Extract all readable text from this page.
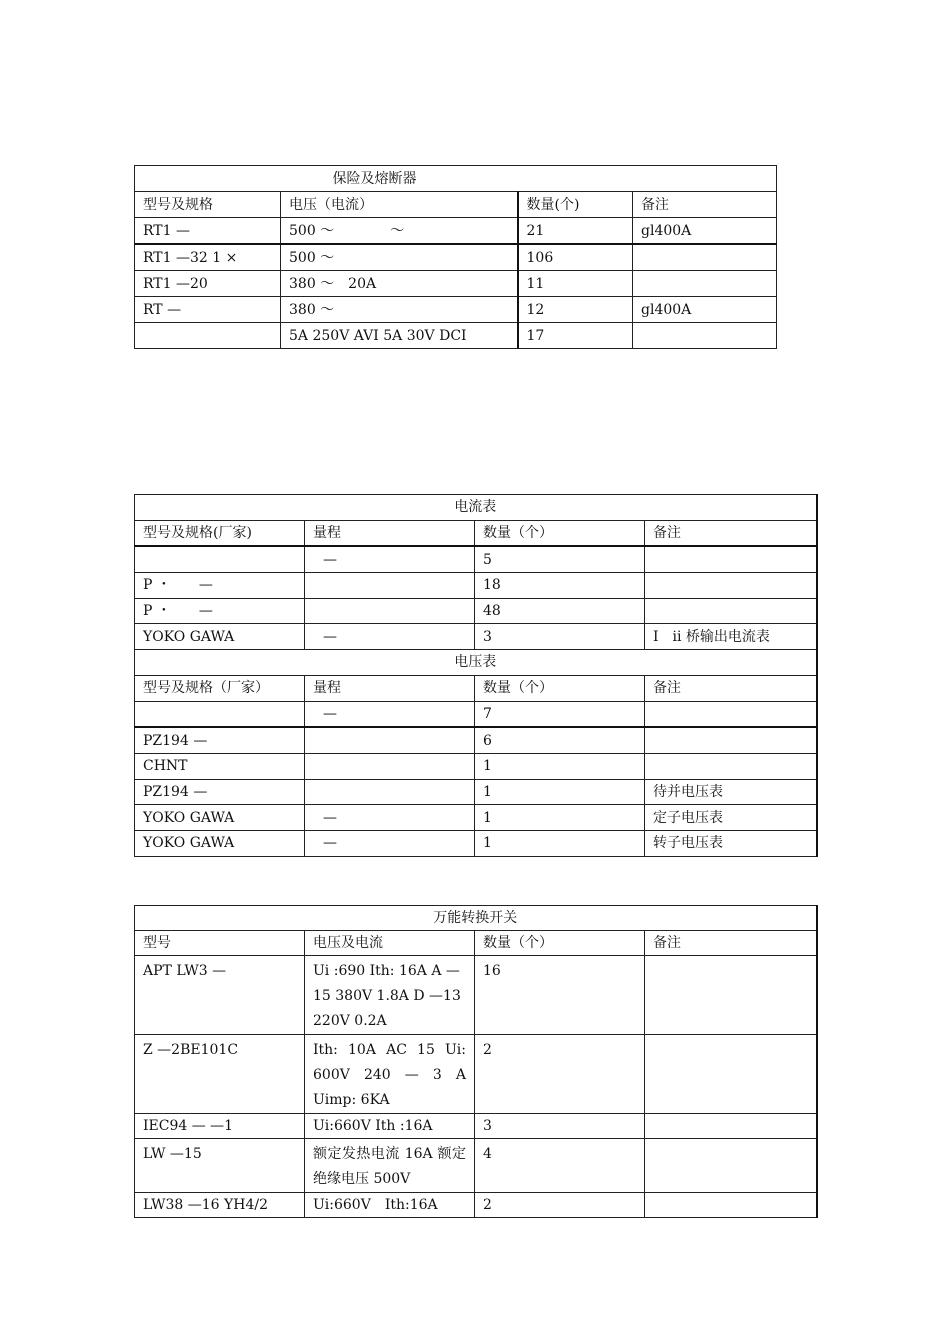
保险及熔断器			
型号及规格	电压（电流）	数量(个)	备注
RT1 —	500 ～　　　　～	21	gl400A
RT1 —32 1 ×	500 ～	106	
RT1 —20	380 ～　20A	11	
RT —	380 ～	12	gl400A
	5A 250V AVI 5A 30V DCI	17	
电流表			
型号及规格(厂家)	量程	数量（个）	备注
	—	5	
P ・　　—		18	
P ・　　—		48	
YOKO GAWA	—	3	I　ii 桥输出电流表
电压表			
型号及规格（厂家）	量程	数量（个）	备注
	—	7	
PZ194 —		6	
CHNT		1	
PZ194 —		1	待并电压表
YOKO GAWA	—	1	定子电压表
YOKO GAWA	—	1	转子电压表
万能转换开关			
型号	电压及电流	数量（个）	备注
APT LW3 —	Ui :690 Ith: 16A A —15 380V 1.8A D —13 220V 0.2A	16	
Z —2BE101C	Ith: 10A AC 15 Ui: 600V 240 — 3 A Uimp: 6KA	2	
IEC94 — —1	Ui:660V Ith :16A	3	
LW —15	额定发热电流 16A 额定绝缘电压 500V	4	
LW38 —16 YH4/2	Ui:660V　Ith:16A	2	
